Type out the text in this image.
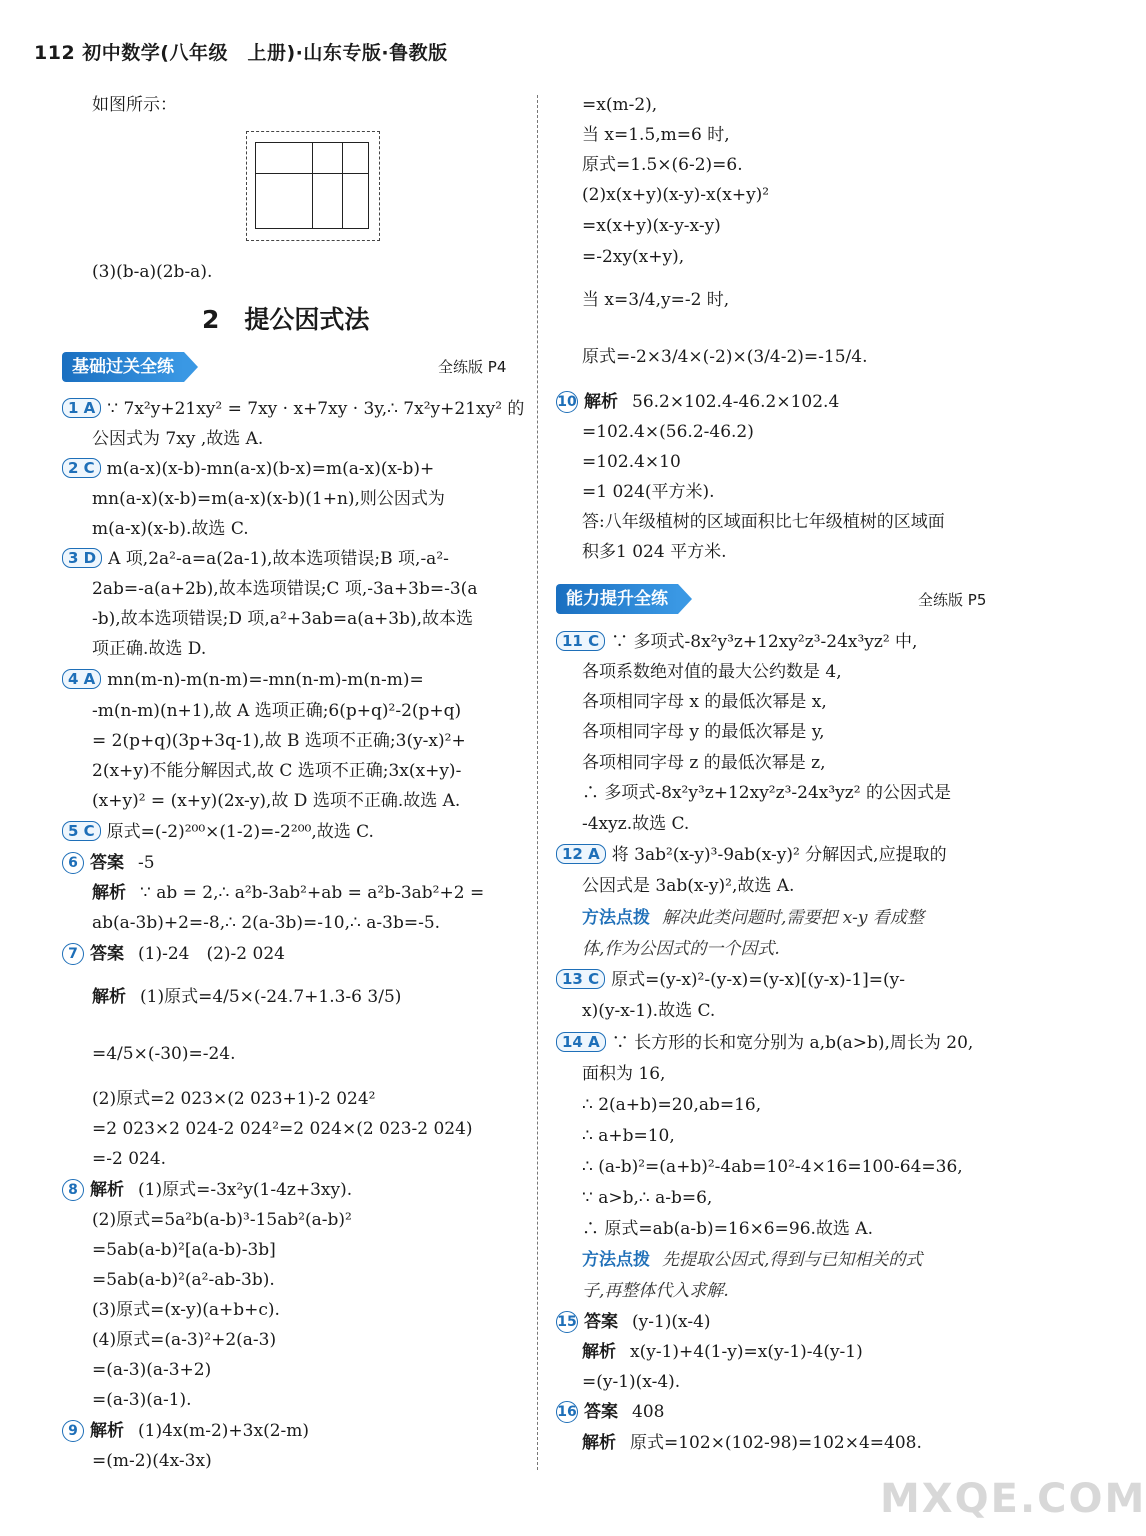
112 初中数学(八年级　上册)·山东专版·鲁教版
如图所示：
(3)(b-a)(2b-a).
2　提公因式法
基础过关全练	全练版 P4
1 A ∵ 7x²y+21xy² = 7xy · x+7xy · 3y,∴ 7x²y+21xy² 的
公因式为 7xy ,故选 A.
2 C m(a-x)(x-b)-mn(a-x)(b-x)=m(a-x)(x-b)+
mn(a-x)(x-b)=m(a-x)(x-b)(1+n),则公因式为
m(a-x)(x-b).故选 C.
3 D A 项,2a²-a=a(2a-1),故本选项错误;B 项,-a²-
2ab=-a(a+2b),故本选项错误;C 项,-3a+3b=-3(a
-b),故本选项错误;D 项,a²+3ab=a(a+3b),故本选
项正确.故选 D.
4 A mn(m-n)-m(n-m)=-mn(n-m)-m(n-m)=
-m(n-m)(n+1),故 A 选项正确;6(p+q)²-2(p+q)
= 2(p+q)(3p+3q-1),故 B 选项不正确;3(y-x)²+
2(x+y)不能分解因式,故 C 选项不正确;3x(x+y)-
(x+y)² = (x+y)(2x-y),故 D 选项不正确.故选 A.
5 C 原式=(-2)²⁰⁰×(1-2)=-2²⁰⁰,故选 C.
6 答案 -5
解析 ∵ ab = 2,∴ a²b-3ab²+ab = a²b-3ab²+2 =
ab(a-3b)+2=-8,∴ 2(a-3b)=-10,∴ a-3b=-5.
7 答案 (1)-24　(2)-2 024
解析 (1)原式=4/5×(-24.7+1.3-6 3/5)
=4/5×(-30)=-24.
(2)原式=2 023×(2 023+1)-2 024²
=2 023×2 024-2 024²=2 024×(2 023-2 024)
=-2 024.
8 解析 (1)原式=-3x²y(1-4z+3xy).
(2)原式=5a²b(a-b)³-15ab²(a-b)²
=5ab(a-b)²[a(a-b)-3b]
=5ab(a-b)²(a²-ab-3b).
(3)原式=(x-y)(a+b+c).
(4)原式=(a-3)²+2(a-3)
=(a-3)(a-3+2)
=(a-3)(a-1).
9 解析 (1)4x(m-2)+3x(2-m)
=(m-2)(4x-3x)
=x(m-2),
当 x=1.5,m=6 时,
原式=1.5×(6-2)=6.
(2)x(x+y)(x-y)-x(x+y)²
=x(x+y)(x-y-x-y)
=-2xy(x+y),
当 x=3/4,y=-2 时,
原式=-2×3/4×(-2)×(3/4-2)=-15/4.
10 解析 56.2×102.4-46.2×102.4
=102.4×(56.2-46.2)
=102.4×10
=1 024(平方米).
答:八年级植树的区域面积比七年级植树的区域面
积多1 024 平方米.
能力提升全练	全练版 P5
11 C ∵ 多项式-8x²y³z+12xy²z³-24x³yz² 中,
各项系数绝对值的最大公约数是 4,
各项相同字母 x 的最低次幂是 x,
各项相同字母 y 的最低次幂是 y,
各项相同字母 z 的最低次幂是 z,
∴ 多项式-8x²y³z+12xy²z³-24x³yz² 的公因式是
-4xyz.故选 C.
12 A 将 3ab²(x-y)³-9ab(x-y)² 分解因式,应提取的
公因式是 3ab(x-y)²,故选 A.
方法点拨 解决此类问题时,需要把 x-y 看成整
体,作为公因式的一个因式.
13 C 原式=(y-x)²-(y-x)=(y-x)[(y-x)-1]=(y-
x)(y-x-1).故选 C.
14 A ∵ 长方形的长和宽分别为 a,b(a>b),周长为 20,
面积为 16,
∴ 2(a+b)=20,ab=16,
∴ a+b=10,
∴ (a-b)²=(a+b)²-4ab=10²-4×16=100-64=36,
∵ a>b,∴ a-b=6,
∴ 原式=ab(a-b)=16×6=96.故选 A.
方法点拨 先提取公因式,得到与已知相关的式
子,再整体代入求解.
15 答案 (y-1)(x-4)
解析 x(y-1)+4(1-y)=x(y-1)-4(y-1)
=(y-1)(x-4).
16 答案 408
解析 原式=102×(102-98)=102×4=408.
MXQE.COM
